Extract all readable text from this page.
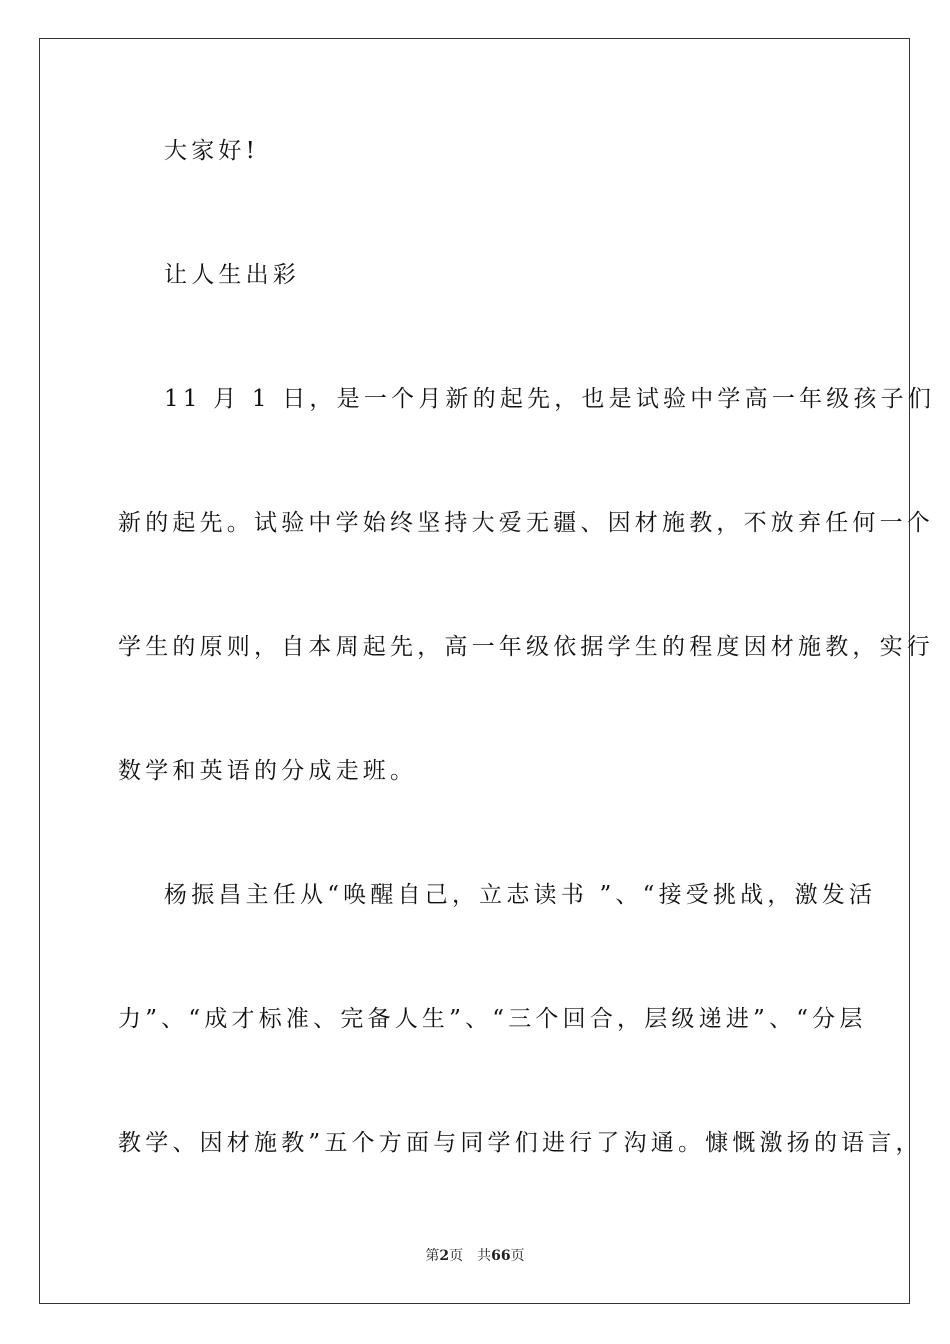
大家好!
让人生出彩
11 月 1 日，是一个月新的起先，也是试验中学高一年级孩子们
新的起先。试验中学始终坚持大爱无疆、因材施教，不放弃任何一个
学生的原则，自本周起先，高一年级依据学生的程度因材施教，实行
数学和英语的分成走班。
杨振昌主任从“唤醒自己，立志读书 ”、“接受挑战，激发活
力”、“成才标准、完备人生”、“三个回合，层级递进”、“分层
教学、因材施教”五个方面与同学们进行了沟通。慷慨激扬的语言，
第2页 共66页
